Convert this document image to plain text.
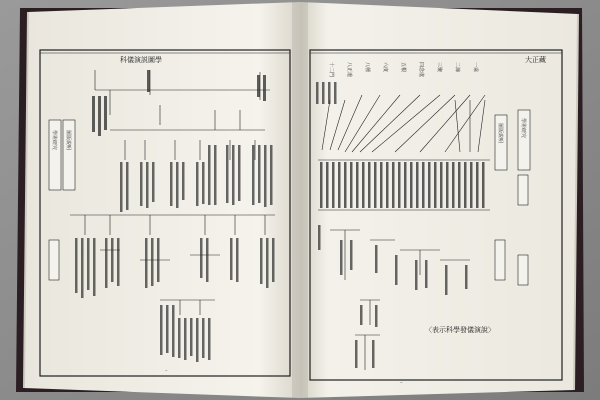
科儀演説圖學
學術研究 圖版説明
大正藏
學術研究
圖版説明
十二門 八正道 八種 六度 五根 四念處 三聚 二諦 一乘
〈表示科學發儀演說〉
–
–
